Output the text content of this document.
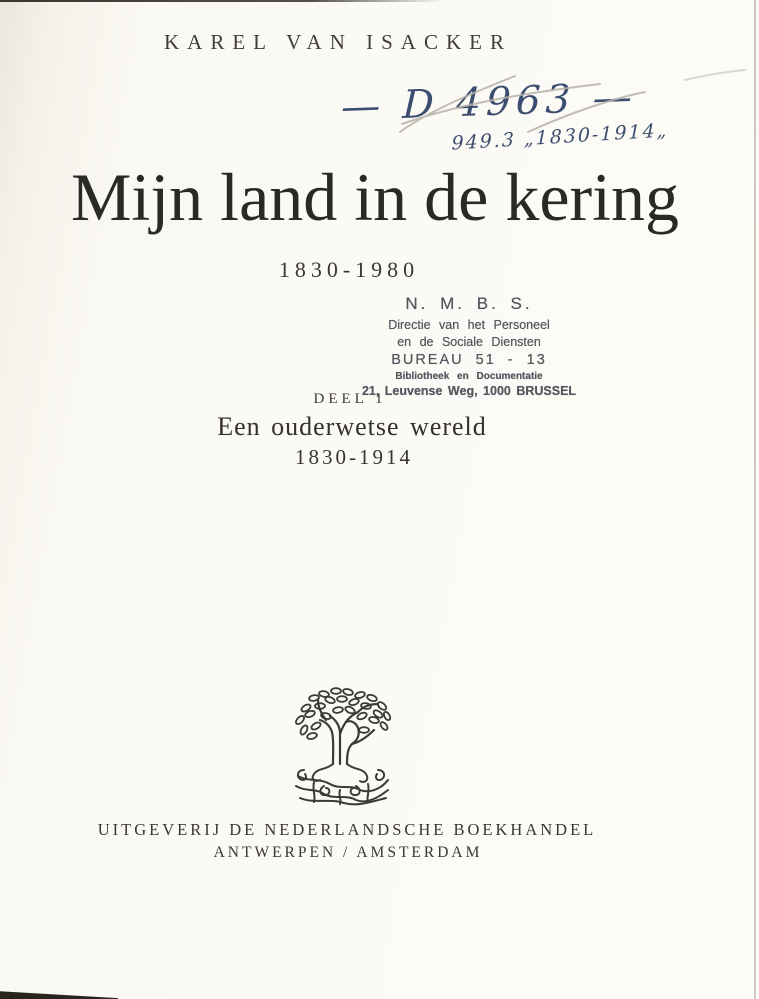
KAREL VAN ISACKER
— D 4963 —
949.3 „1830-1914„
Mijn land in de kering
1830-1980
N. M. B. S.
Directie van het Personeel
en de Sociale Diensten
BUREAU 51 - 13
Bibliotheek en Documentatie
21, Leuvense Weg, 1000 BRUSSEL
DEEL 1
Een ouderwetse wereld
1830-1914
UITGEVERIJ DE NEDERLANDSCHE BOEKHANDEL
ANTWERPEN / AMSTERDAM
